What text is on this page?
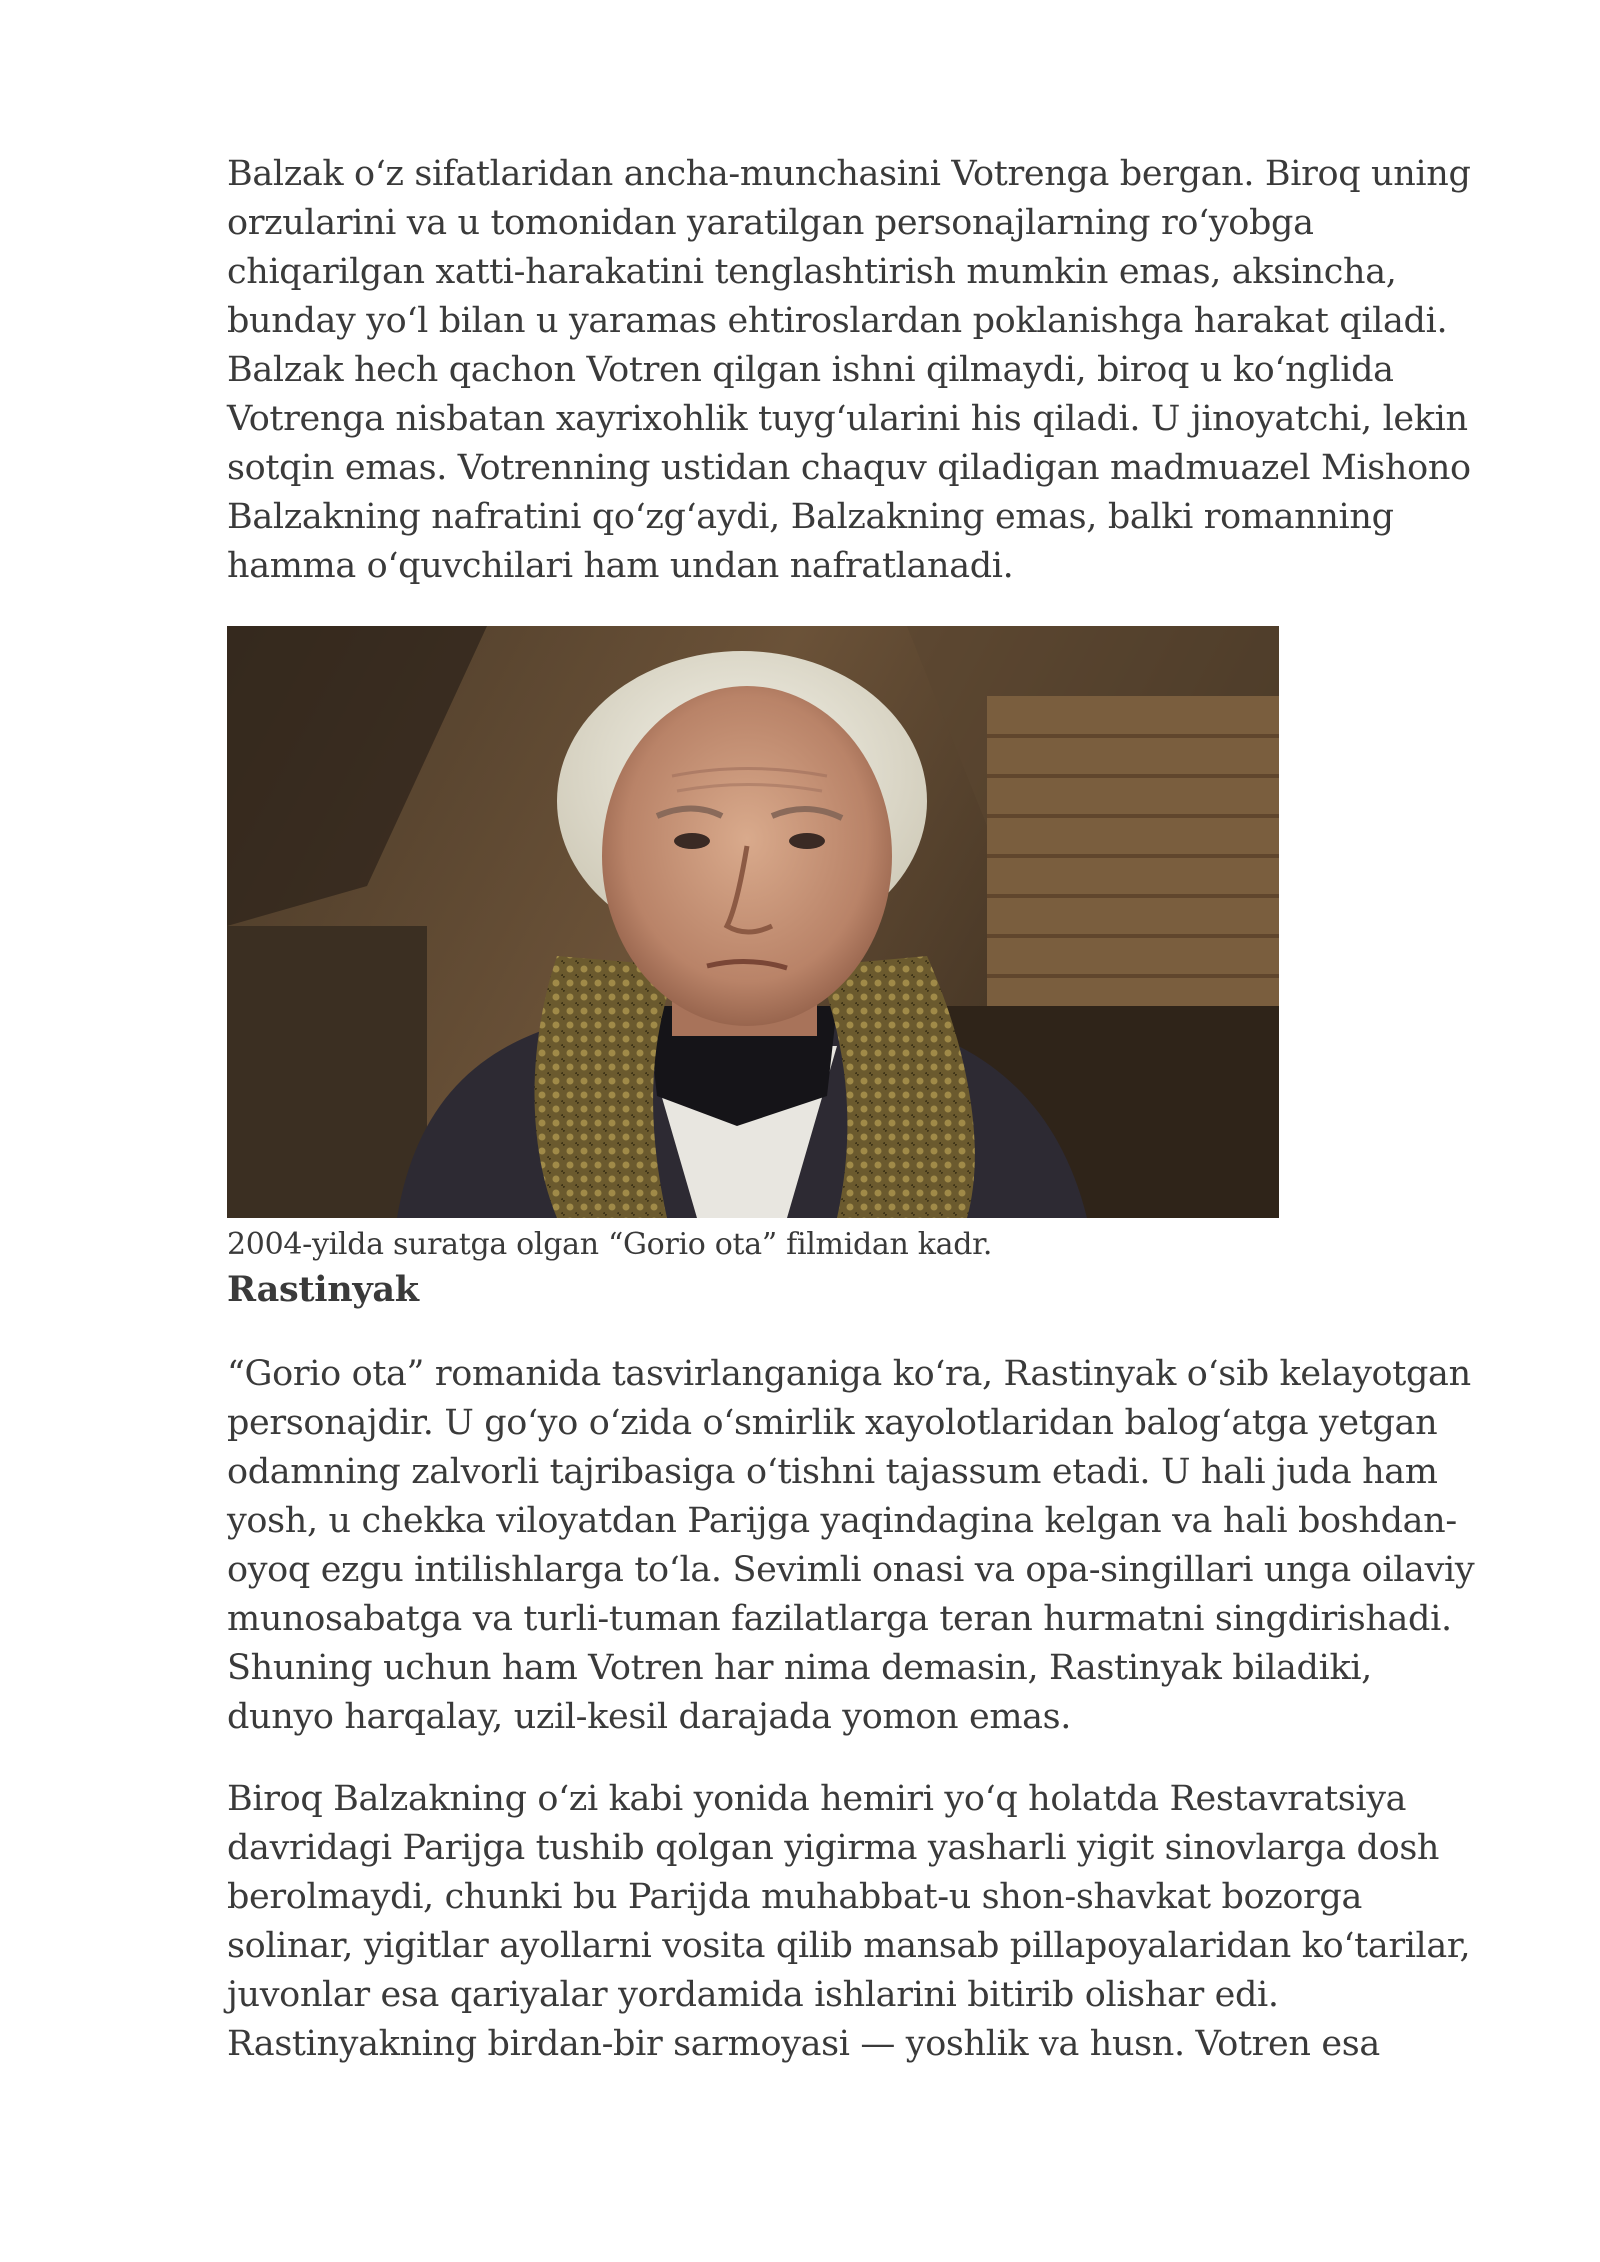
Balzak o‘z sifatlaridan ancha-munchasini Votrenga bergan. Biroq uning
orzularini va u tomonidan yaratilgan personajlarning ro‘yobga
chiqarilgan xatti-harakatini tenglashtirish mumkin emas, aksincha,
bunday yo‘l bilan u yaramas ehtiroslardan poklanishga harakat qiladi.
Balzak hech qachon Votren qilgan ishni qilmaydi, biroq u ko‘nglida
Votrenga nisbatan xayrixohlik tuyg‘ularini his qiladi. U jinoyatchi, lekin
sotqin emas. Votrenning ustidan chaquv qiladigan madmuazel Mishono
Balzakning nafratini qo‘zg‘aydi, Balzakning emas, balki romanning
hamma o‘quvchilari ham undan nafratlanadi.

2004-yilda suratga olgan “Gorio ota” filmidan kadr.

Rastinyak

“Gorio ota” romanida tasvirlanganiga ko‘ra, Rastinyak o‘sib kelayotgan
personajdir. U go‘yo o‘zida o‘smirlik xayolotlaridan balog‘atga yetgan
odamning zalvorli tajribasiga o‘tishni tajassum etadi. U hali juda ham
yosh, u chekka viloyatdan Parijga yaqindagina kelgan va hali boshdan-
oyoq ezgu intilishlarga to‘la. Sevimli onasi va opa-singillari unga oilaviy
munosabatga va turli-tuman fazilatlarga teran hurmatni singdirishadi.
Shuning uchun ham Votren har nima demasin, Rastinyak biladiki,
dunyo harqalay, uzil-kesil darajada yomon emas.

Biroq Balzakning o‘zi kabi yonida hemiri yo‘q holatda Restavratsiya
davridagi Parijga tushib qolgan yigirma yasharli yigit sinovlarga dosh
berolmaydi, chunki bu Parijda muhabbat-u shon-shavkat bozorga
solinar, yigitlar ayollarni vosita qilib mansab pillapoyalaridan ko‘tarilar,
juvonlar esa qariyalar yordamida ishlarini bitirib olishar edi.
Rastinyakning birdan-bir sarmoyasi — yoshlik va husn. Votren esa
